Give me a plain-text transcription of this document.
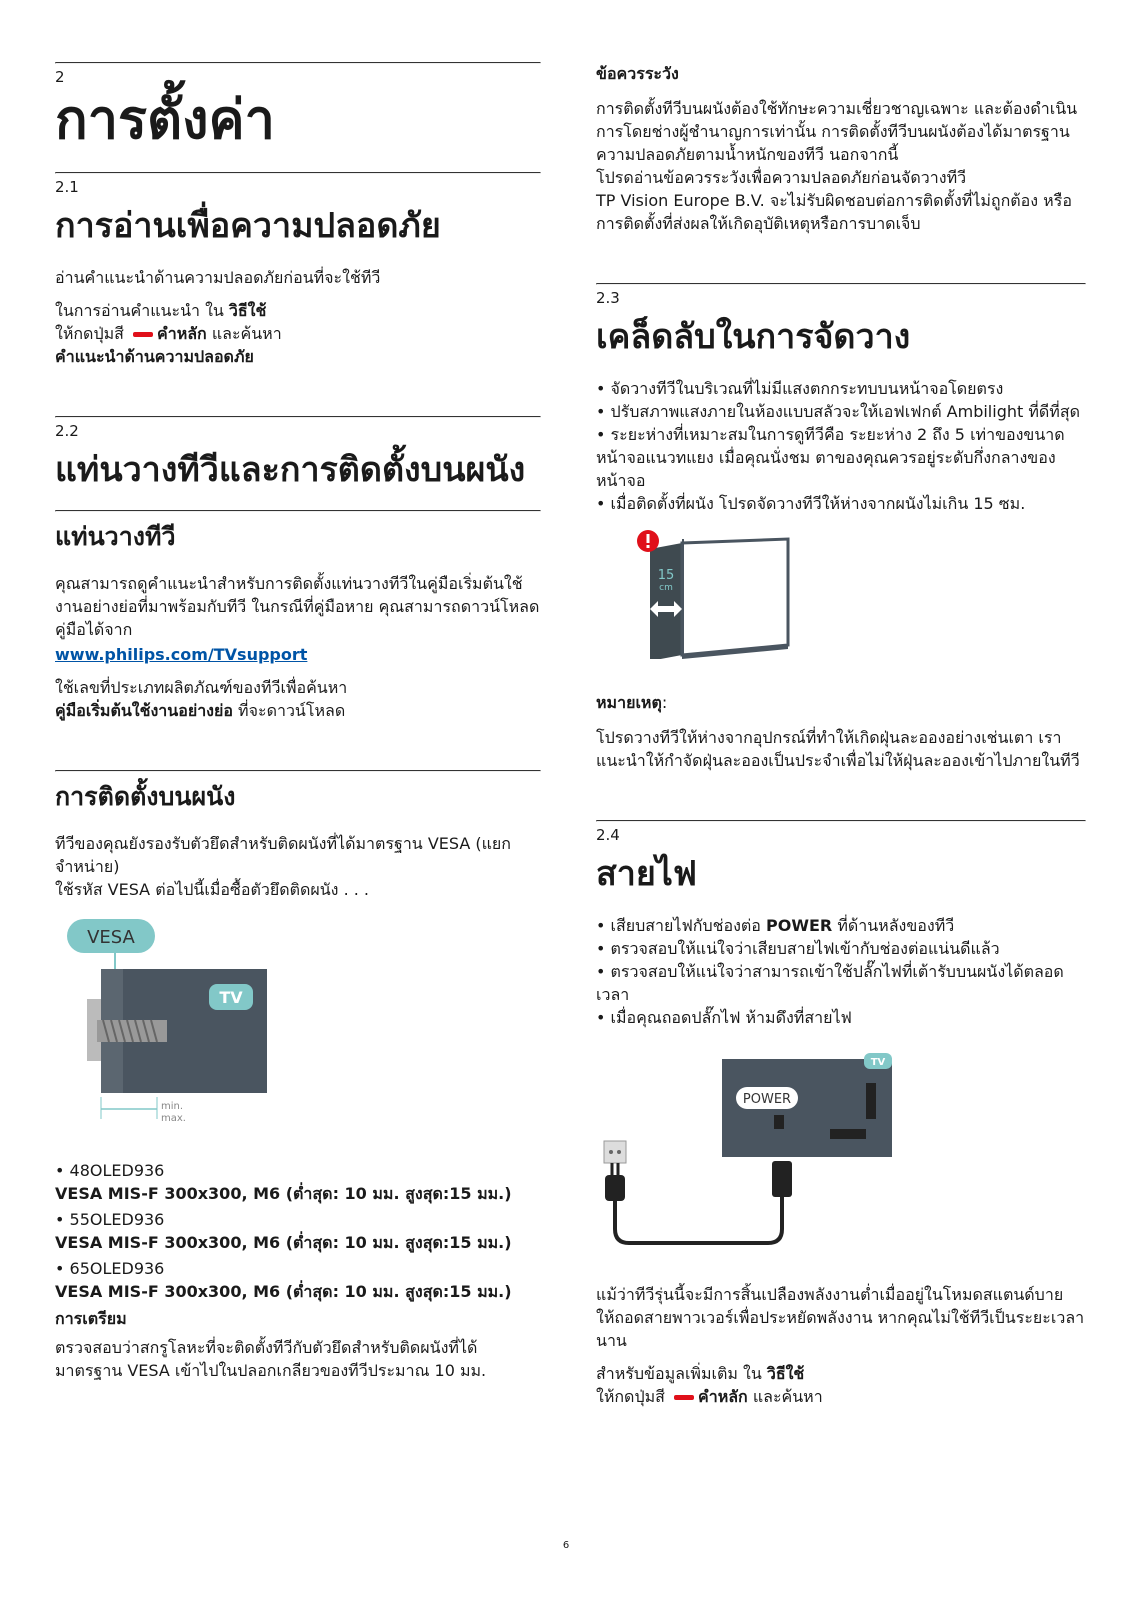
2
การตั้งค่า
2.1
การอ่านเพื่อความปลอดภัย

อ่านคำแนะนำด้านความปลอดภัยก่อนที่จะใช้ทีวี

ในการอ่านคำแนะนำ ใน วิธีใช้
ให้กดปุ่มสี คำหลัก และค้นหา
คำแนะนำด้านความปลอดภัย

2.2
แท่นวางทีวีและการติดตั้งบนผนัง
แท่นวางทีวี

คุณสามารถดูคำแนะนำสำหรับการติดตั้งแท่นวางทีวีในคู่มือเริ่มต้นใช้งานอย่างย่อที่มาพร้อมกับทีวี ในกรณีที่คู่มือหาย คุณสามารถดาวน์โหลดคู่มือได้จาก

www.philips.com/TVsupport

ใช้เลขที่ประเภทผลิตภัณฑ์ของทีวีเพื่อค้นหา
คู่มือเริ่มต้นใช้งานอย่างย่อ ที่จะดาวน์โหลด

การติดตั้งบนผนัง

ทีวีของคุณยังรองรับตัวยึดสำหรับติดผนังที่ได้มาตรฐาน VESA (แยกจำหน่าย)
ใช้รหัส VESA ต่อไปนี้เมื่อซื้อตัวยึดติดผนัง . . .

VESA
TV
min.
max.
• 48OLED936
VESA MIS-F 300x300, M6 (ต่ำสุด: 10 มม. สูงสุด:15 มม.)
• 55OLED936
VESA MIS-F 300x300, M6 (ต่ำสุด: 10 มม. สูงสุด:15 มม.)
• 65OLED936
VESA MIS-F 300x300, M6 (ต่ำสุด: 10 มม. สูงสุด:15 มม.)

การเตรียม

ตรวจสอบว่าสกรูโลหะที่จะติดตั้งทีวีกับตัวยึดสำหรับติดผนังที่ได้มาตรฐาน VESA เข้าไปในปลอกเกลียวของทีวีประมาณ 10 มม.

ข้อควรระวัง

การติดตั้งทีวีบนผนังต้องใช้ทักษะความเชี่ยวชาญเฉพาะ และต้องดำเนินการโดยช่างผู้ชำนาญการเท่านั้น การติดตั้งทีวีบนผนังต้องได้มาตรฐานความปลอดภัยตามน้ำหนักของทีวี นอกจากนี้

โปรดอ่านข้อควรระวังเพื่อความปลอดภัยก่อนจัดวางทีวี

TP Vision Europe B.V. จะไม่รับผิดชอบต่อการติดตั้งที่ไม่ถูกต้อง หรือการติดตั้งที่ส่งผลให้เกิดอุบัติเหตุหรือการบาดเจ็บ

2.3
เคล็ดลับในการจัดวาง
• จัดวางทีวีในบริเวณที่ไม่มีแสงตกกระทบบนหน้าจอโดยตรง
• ปรับสภาพแสงภายในห้องแบบสลัวจะให้เอฟเฟกต์ Ambilight ที่ดีที่สุด
• ระยะห่างที่เหมาะสมในการดูทีวีคือ ระยะห่าง 2 ถึง 5 เท่าของขนาดหน้าจอแนวทแยง เมื่อคุณนั่งชม ตาของคุณควรอยู่ระดับกึ่งกลางของหน้าจอ
• เมื่อติดตั้งที่ผนัง โปรดจัดวางทีวีให้ห่างจากผนังไม่เกิน 15 ซม.
15
cm

หมายเหตุ:

โปรดวางทีวีให้ห่างจากอุปกรณ์ที่ทำให้เกิดฝุ่นละอองอย่างเช่นเตา เราแนะนำให้กำจัดฝุ่นละอองเป็นประจำเพื่อไม่ให้ฝุ่นละอองเข้าไปภายในทีวี

2.4
สายไฟ
• เสียบสายไฟกับช่องต่อ POWER ที่ด้านหลังของทีวี
• ตรวจสอบให้แน่ใจว่าเสียบสายไฟเข้ากับช่องต่อแน่นดีแล้ว
• ตรวจสอบให้แน่ใจว่าสามารถเข้าใช้ปลั๊กไฟที่เต้ารับบนผนังได้ตลอดเวลา
• เมื่อคุณถอดปลั๊กไฟ ห้ามดึงที่สายไฟ
TV
POWER

แม้ว่าทีวีรุ่นนี้จะมีการสิ้นเปลืองพลังงานต่ำเมื่ออยู่ในโหมดสแตนด์บาย ให้ถอดสายพาวเวอร์เพื่อประหยัดพลังงาน หากคุณไม่ใช้ทีวีเป็นระยะเวลานาน

สำหรับข้อมูลเพิ่มเติม ใน วิธีใช้
ให้กดปุ่มสี คำหลัก และค้นหา

6
